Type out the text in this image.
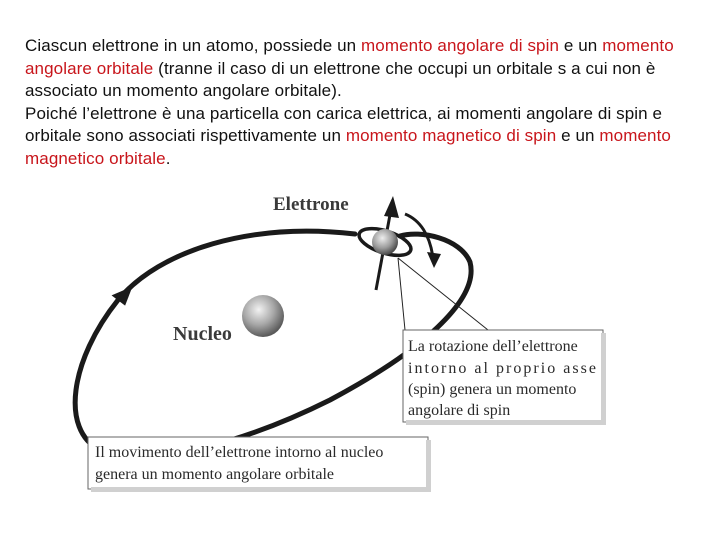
Ciascun elettrone in un atomo, possiede un momento angolare di spin e un momento angolare orbitale (tranne il caso di un elettrone che occupi un orbitale s a cui non è associato un momento angolare orbitale).

Poiché l’elettrone è una particella con carica elettrica, ai momenti angolare di spin e orbitale sono associati rispettivamente un momento magnetico di spin e un momento magnetico orbitale.

Nucleo
Elettrone
La rotazione dell’elettrone intorno al proprio asse (spin) genera un momento angolare di spin
Il movimento dell’elettrone intorno al nucleo genera un momento angolare orbitale
